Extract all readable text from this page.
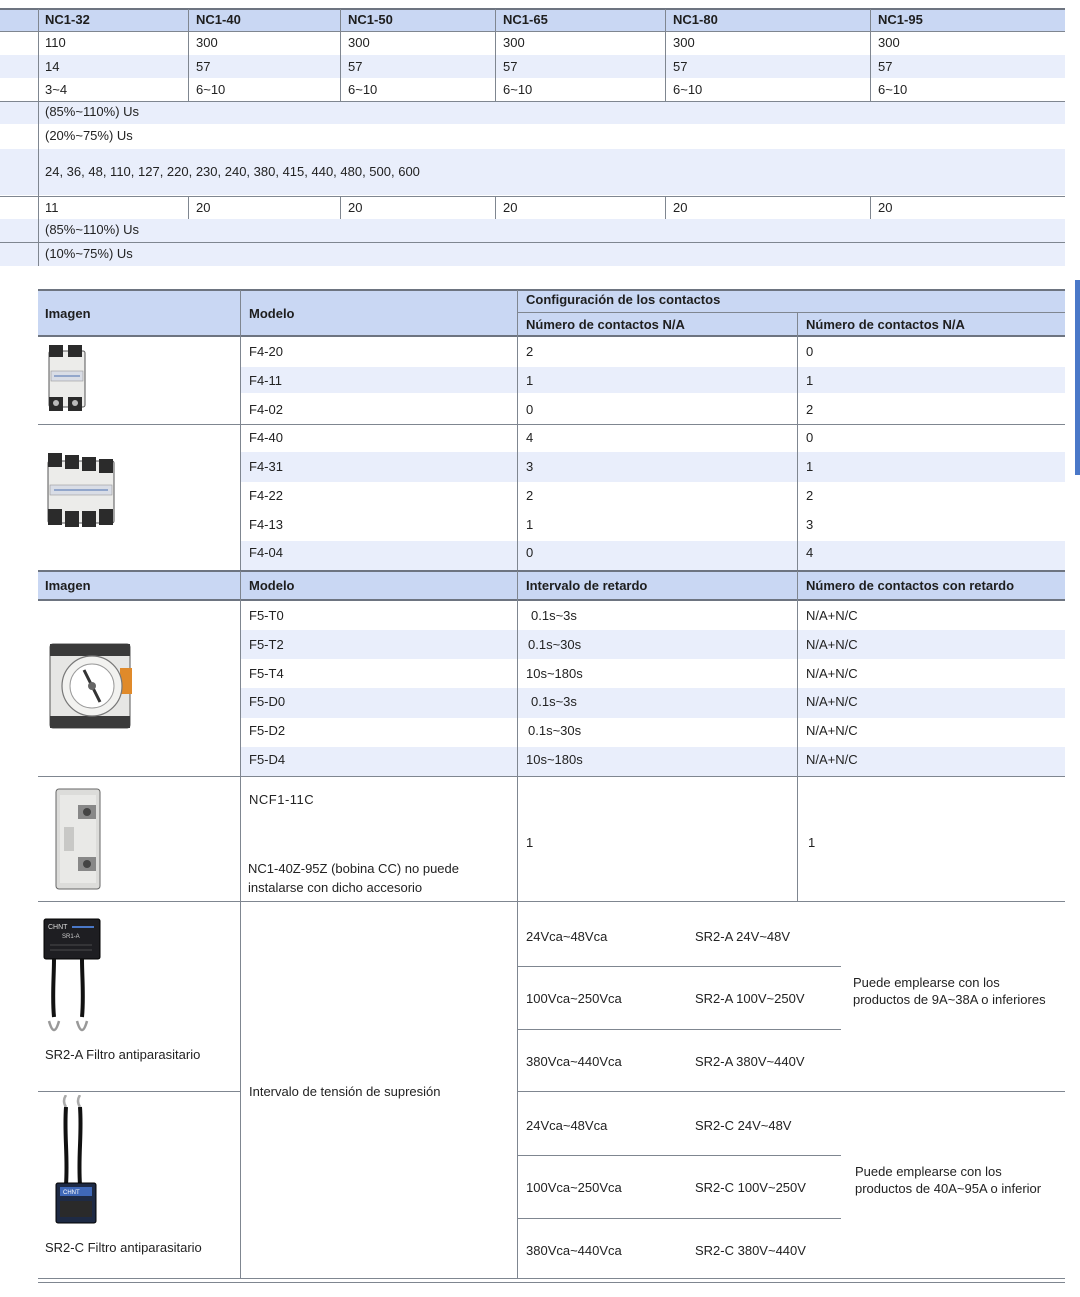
NC1-32	NC1-40	NC1-50	NC1-65	NC1-80	NC1-95
110	300	300	300	300	300
14	57	57	57	57	57
3~4	6~10	6~10	6~10	6~10	6~10
(85%~110%) Us
(20%~75%) Us
24, 36, 48, 110, 127, 220, 230, 240, 380, 415, 440, 480, 500, 600
11	20	20	20	20	20
(85%~110%) Us
(10%~75%) Us
Imagen	Modelo
Configuración de los contactos
Número de contactos N/A	Número de contactos N/A
F4-20	2	0
F4-11	1	1
F4-02	0	2
F4-40	4	0
F4-31	3	1
F4-22	2	2
F4-13	1	3
F4-04	0	4
Imagen	Modelo	Intervalo de retardo	Número de contactos con retardo
F5-T0	0.1s~3s	N/A+N/C
F5-T2	0.1s~30s	N/A+N/C
F5-T4	10s~180s	N/A+N/C
F5-D0	0.1s~3s	N/A+N/C
F5-D2	0.1s~30s	N/A+N/C
F5-D4	10s~180s	N/A+N/C
NCF1-11C
NC1-40Z-95Z (bobina CC) no puede
instalarse con dicho accesorio
1	1
CHNT
SR1-A
SR2-A Filtro antiparasitario
CHNT
SR2-C Filtro antiparasitario
Intervalo de tensión de supresión
24Vca~48Vca	SR2-A 24V~48V
100Vca~250Vca	SR2-A 100V~250V
380Vca~440Vca	SR2-A 380V~440V
Puede emplearse con los
productos de 9A~38A o inferiores
24Vca~48Vca	SR2-C 24V~48V
100Vca~250Vca	SR2-C 100V~250V
380Vca~440Vca	SR2-C 380V~440V
Puede emplearse con los
productos de 40A~95A o inferior
